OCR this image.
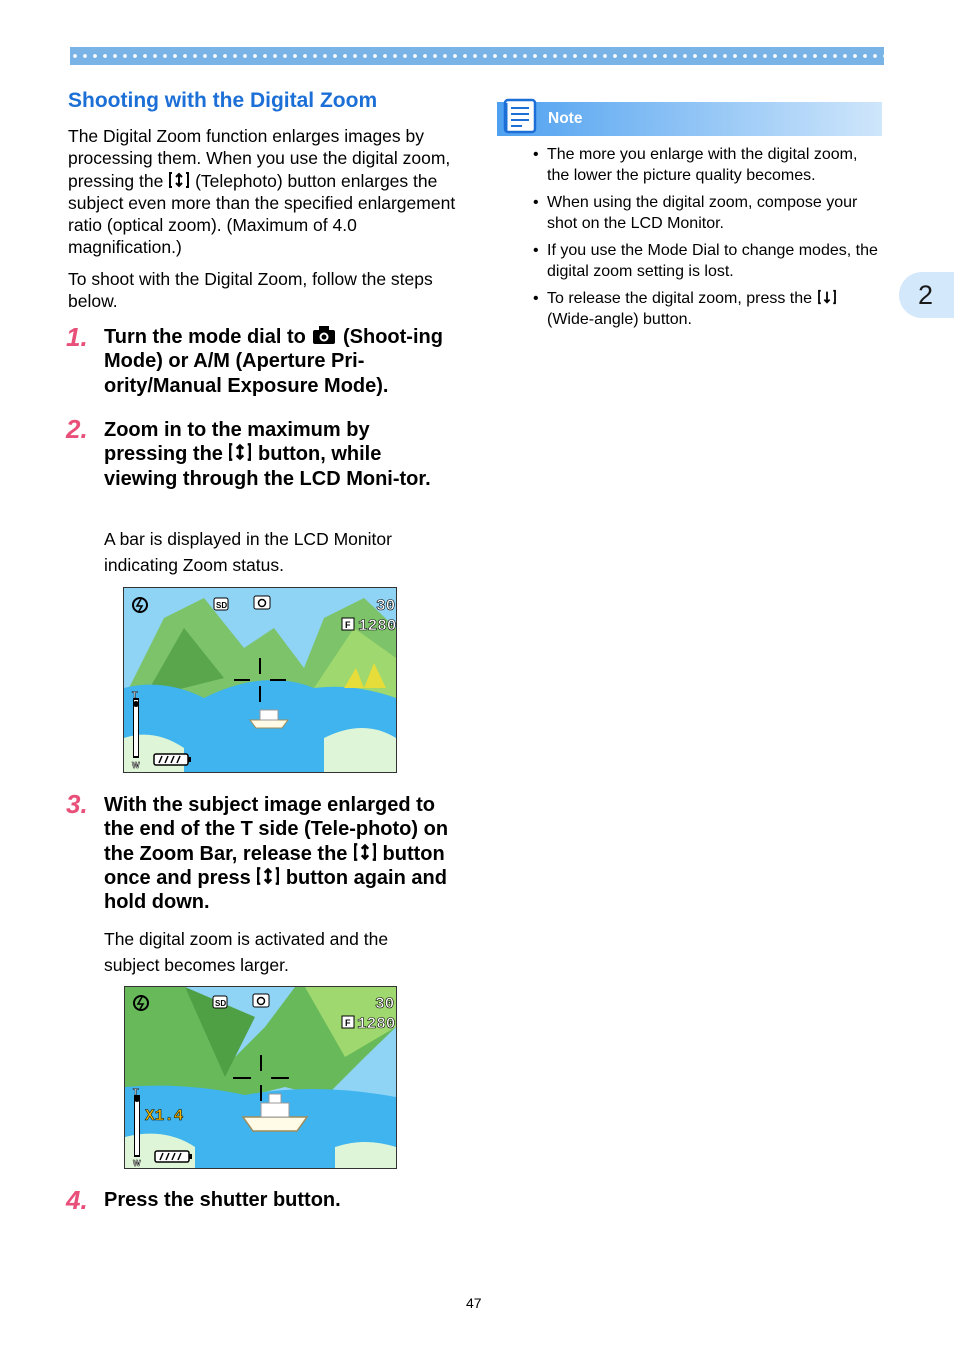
2
Shooting with the Digital Zoom
The Digital Zoom function enlarges images by processing them. When you use the digital zoom, pressing the (Telephoto) button enlarges the subject even more than the specified enlargement ratio (optical zoom). (Maximum of 4.0 magnification.)
To shoot with the Digital Zoom, follow the steps below.
1. Turn the mode dial to (Shoot-ing Mode) or A/M (Aperture Pri-ority/Manual Exposure Mode).
2. Zoom in to the maximum by pressing the button, while viewing through the LCD Moni-tor.
A bar is displayed in the LCD Monitor indicating Zoom status.
SD	30
F 1280
T
W
3. With the subject image enlarged to the end of the T side (Tele-photo) on the Zoom Bar, release the button once and press button again and hold down.
The digital zoom is activated and the subject becomes larger.
SD	30
F 1280
T
W
X1.4
4. Press the shutter button.
Note
• The more you enlarge with the digital zoom, the lower the picture quality becomes.
• When using the digital zoom, compose your shot on the LCD Monitor.
• If you use the Mode Dial to change modes, the digital zoom setting is lost.
• To release the digital zoom, press the  (Wide-angle) button.
47
